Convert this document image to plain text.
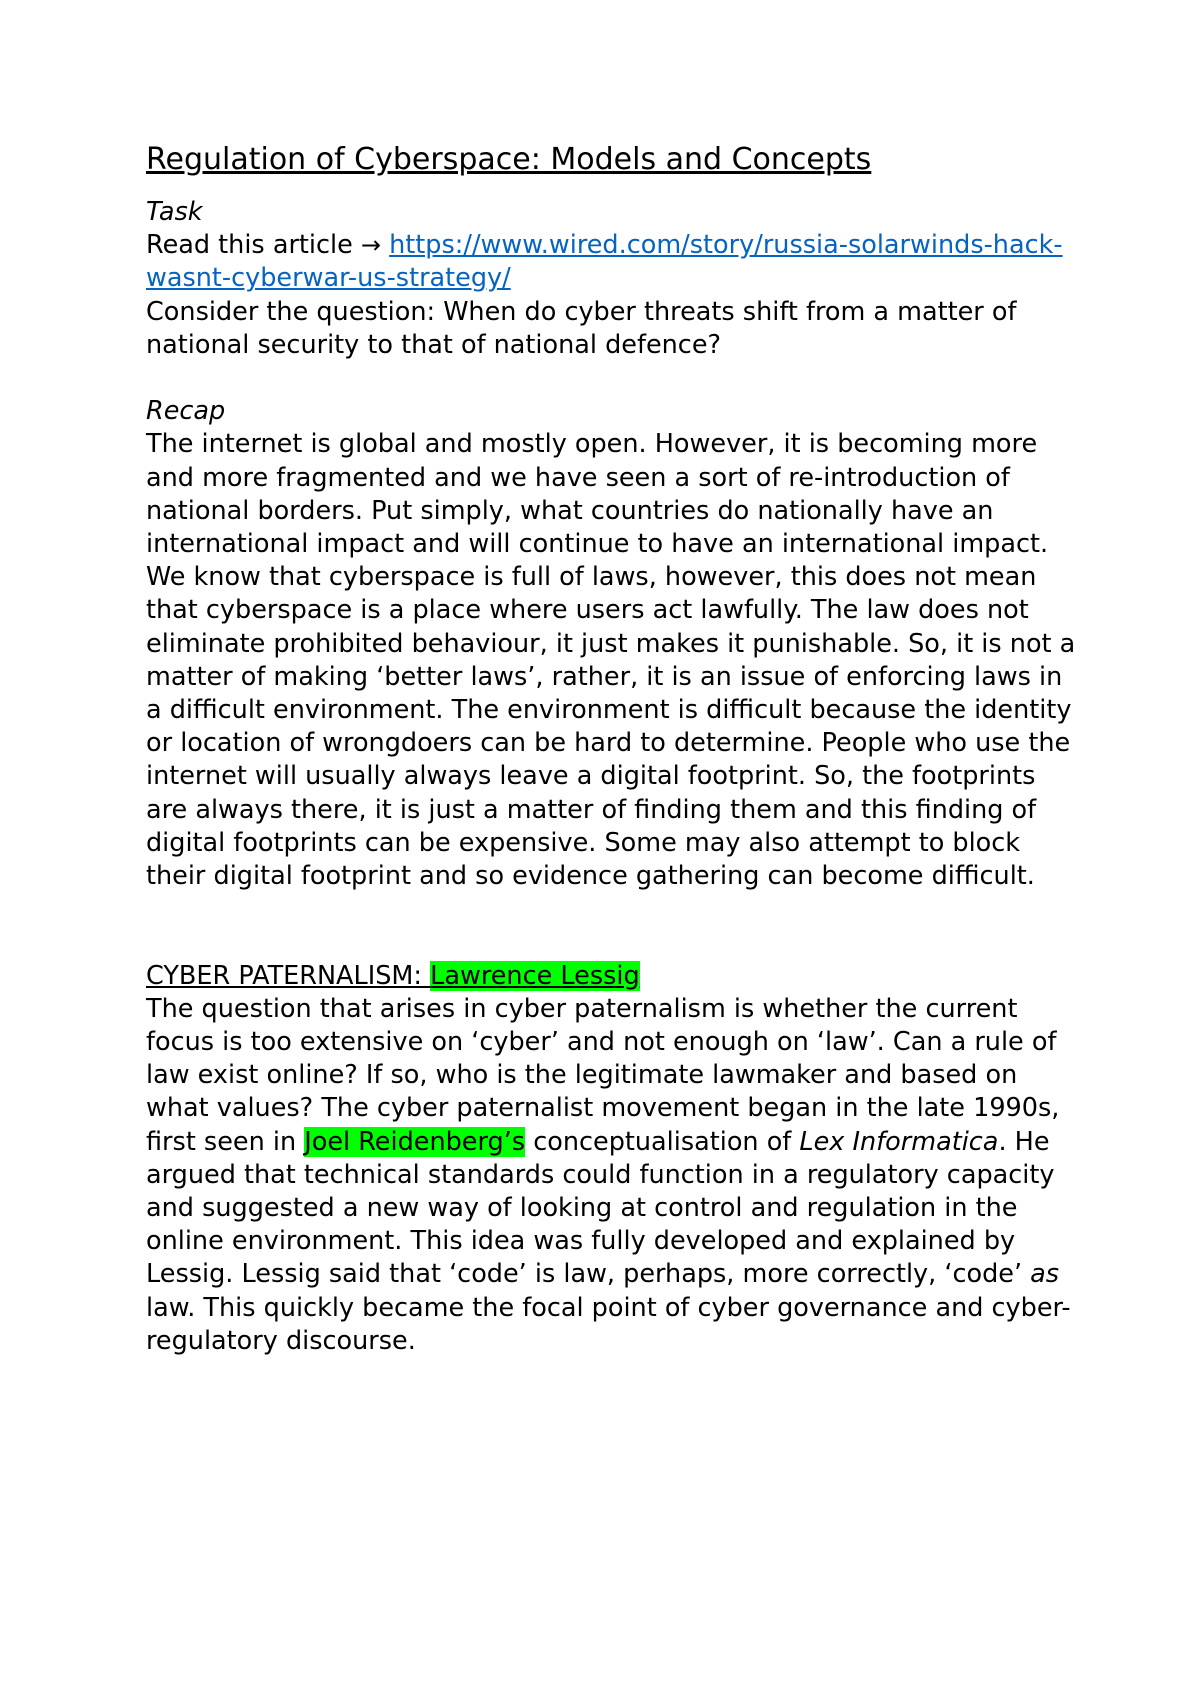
Regulation of Cyberspace: Models and Concepts
Task

Read this article → https://www.wired.com/story/russia-solarwinds-hack-wasnt-cyberwar-us-strategy/

Consider the question: When do cyber threats shift from a matter of national security to that of national defence?

Recap

The internet is global and mostly open. However, it is becoming more and more fragmented and we have seen a sort of re-introduction of national borders. Put simply, what countries do nationally have an international impact and will continue to have an international impact. We know that cyberspace is full of laws, however, this does not mean that cyberspace is a place where users act lawfully. The law does not eliminate prohibited behaviour, it just makes it punishable. So, it is not a matter of making ‘better laws’, rather, it is an issue of enforcing laws in a difficult environment. The environment is difficult because the identity or location of wrongdoers can be hard to determine. People who use the internet will usually always leave a digital footprint. So, the footprints are always there, it is just a matter of finding them and this finding of digital footprints can be expensive. Some may also attempt to block their digital footprint and so evidence gathering can become difficult.

CYBER PATERNALISM: Lawrence Lessig

The question that arises in cyber paternalism is whether the current focus is too extensive on ‘cyber’ and not enough on ‘law’. Can a rule of law exist online? If so, who is the legitimate lawmaker and based on what values? The cyber paternalist movement began in the late 1990s, first seen in Joel Reidenberg’s conceptualisation of Lex Informatica. He argued that technical standards could function in a regulatory capacity and suggested a new way of looking at control and regulation in the online environment. This idea was fully developed and explained by Lessig. Lessig said that ‘code’ is law, perhaps, more correctly, ‘code’ as law. This quickly became the focal point of cyber governance and cyber-regulatory discourse.
